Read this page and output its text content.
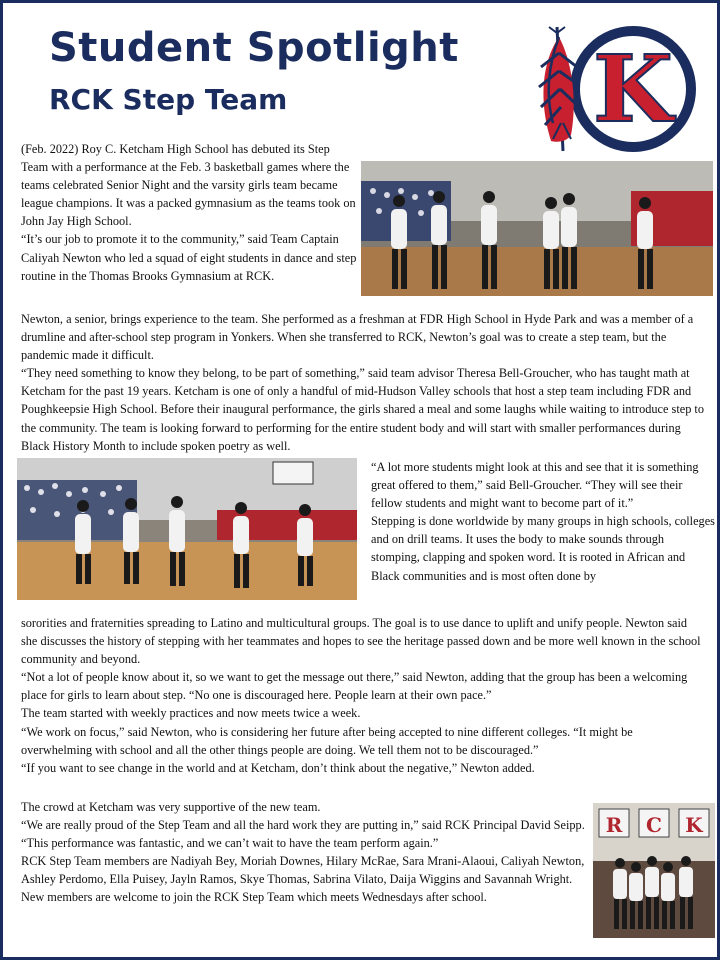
Student Spotlight
RCK Step Team	K

(Feb. 2022) Roy C. Ketcham High School has debuted its Step Team with a performance at the Feb. 3 basketball games where the teams celebrated Senior Night and the varsity girls team became league champions. It was a packed gymnasium as the teams took on John Jay High School.

“It’s our job to promote it to the community,” said Team Captain Caliyah Newton who led a squad of eight students in dance and step routine in the Thomas Brooks Gymnasium at RCK.

Newton, a senior, brings experience to the team. She performed as a freshman at FDR High School in Hyde Park and was a member of a drumline and after-school step program in Yonkers. When she transferred to RCK, Newton’s goal was to create a step team, but the pandemic made it difficult.

“They need something to know they belong, to be part of something,” said team advisor Theresa Bell-Groucher, who has taught math at Ketcham for the past 19 years. Ketcham is one of only a handful of mid-Hudson Valley schools that host a step team including FDR and Poughkeepsie High School. Before their inaugural performance, the girls shared a meal and some laughs while waiting to introduce step to the community. The team is looking forward to performing for the entire student body and will start with smaller performances during Black History Month to include spoken poetry as well.

“A lot more students might look at this and see that it is something great offered to them,” said Bell-Groucher. “They will see their fellow students and might want to become part of it.”

Stepping is done worldwide by many groups in high schools, colleges and on drill teams. It uses the body to make sounds through stomping, clapping and spoken word. It is rooted in African and Black communities and is most often done by

sororities and fraternities spreading to Latino and multicultural groups. The goal is to use dance to uplift and unify people. Newton said she discusses the history of stepping with her teammates and hopes to see the heritage passed down and be more well known in the school community and beyond.

“Not a lot of people know about it, so we want to get the message out there,” said Newton, adding that the group has been a welcoming place for girls to learn about step. “No one is discouraged here. People learn at their own pace.”

The team started with weekly practices and now meets twice a week.

“We work on focus,” said Newton, who is considering her future after being accepted to nine different colleges. “It might be overwhelming with school and all the other things people are doing. We tell them not to be discouraged.”

“If you want to see change in the world and at Ketcham, don’t think about the negative,” Newton added.

The crowd at Ketcham was very supportive of the new team.

“We are really proud of the Step Team and all the hard work they are putting in,” said RCK Principal David Seipp. “This performance was fantastic, and we can’t wait to have the team perform again.”

RCK Step Team members are Nadiyah Bey, Moriah Downes, Hilary McRae, Sara Mrani-Alaoui, Caliyah Newton, Ashley Perdomo, Ella Puisey, Jayln Ramos, Skye Thomas, Sabrina Vilato, Daija Wiggins and Savannah Wright. New members are welcome to join the RCK Step Team which meets Wednesdays after school.

R C K
